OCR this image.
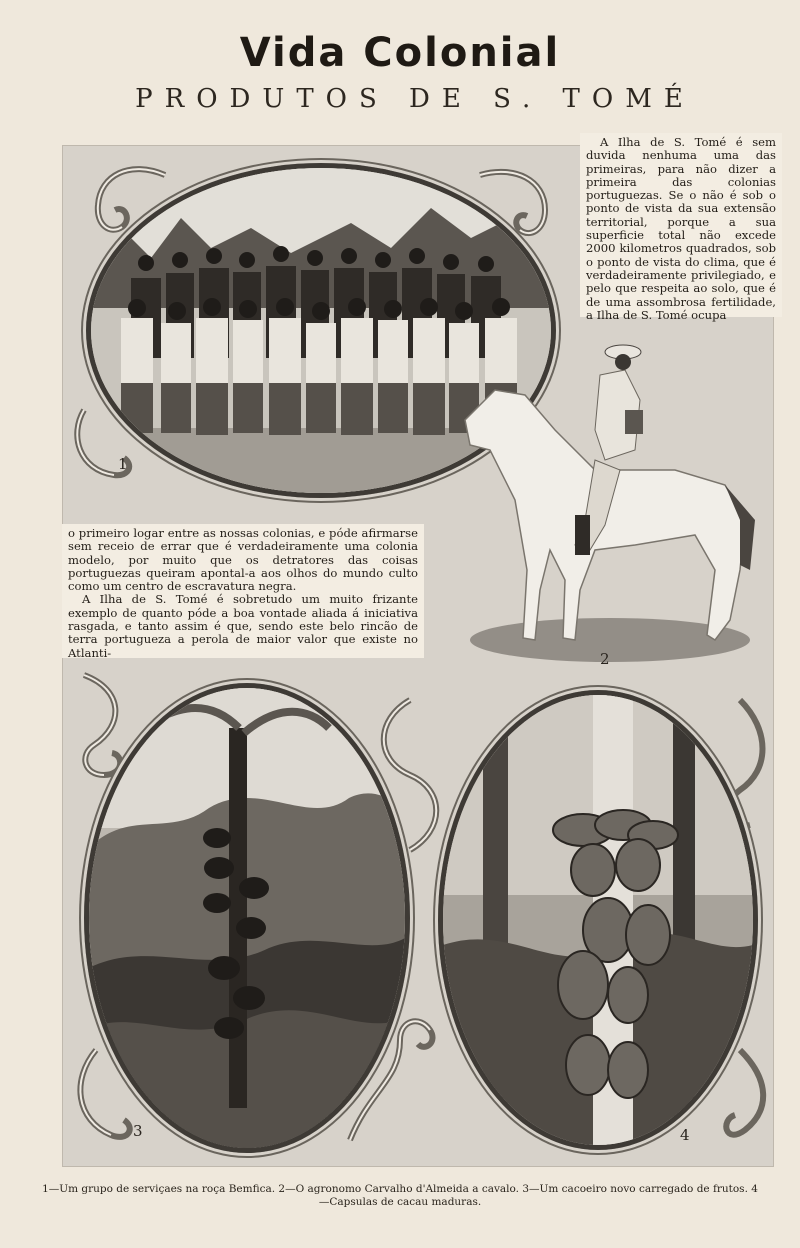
Vida Colonial
PRODUTOS DE S. TOMÉ

A Ilha de S. Tomé é sem duvida nenhuma uma das primeiras, para não dizer a primeira das colonias portuguezas. Se o não é sob o ponto de vista da sua extensão territorial, porque a sua superficie total não excede 2000 kilometros quadrados, sob o ponto de vista do clima, que é verdadeiramente privilegiado, e pelo que respeita ao solo, que é de uma assombrosa fertilidade, a Ilha de S. Tomé ocupa

o primeiro logar entre as nossas colonias, e póde afirmarse sem receio de errar que é verdadeiramente uma colonia modelo, por muito que os detratores das coisas portuguezas queiram apontal-a aos olhos do mundo culto como um centro de escravatura negra.

A Ilha de S. Tomé é sobretudo um muito frizante exemplo de quanto póde a boa vontade aliada á iniciativa rasgada, e tanto assim é que, sendo este belo rincão de terra portugueza a perola de maior valor que existe no Atlanti-

1
2
3	4
1—Um grupo de serviçaes na roça Bemfica. 2—O agronomo Carvalho d'Almeida a cavalo. 3—Um cacoeiro novo carregado de frutos. 4—Capsulas de cacau maduras.
